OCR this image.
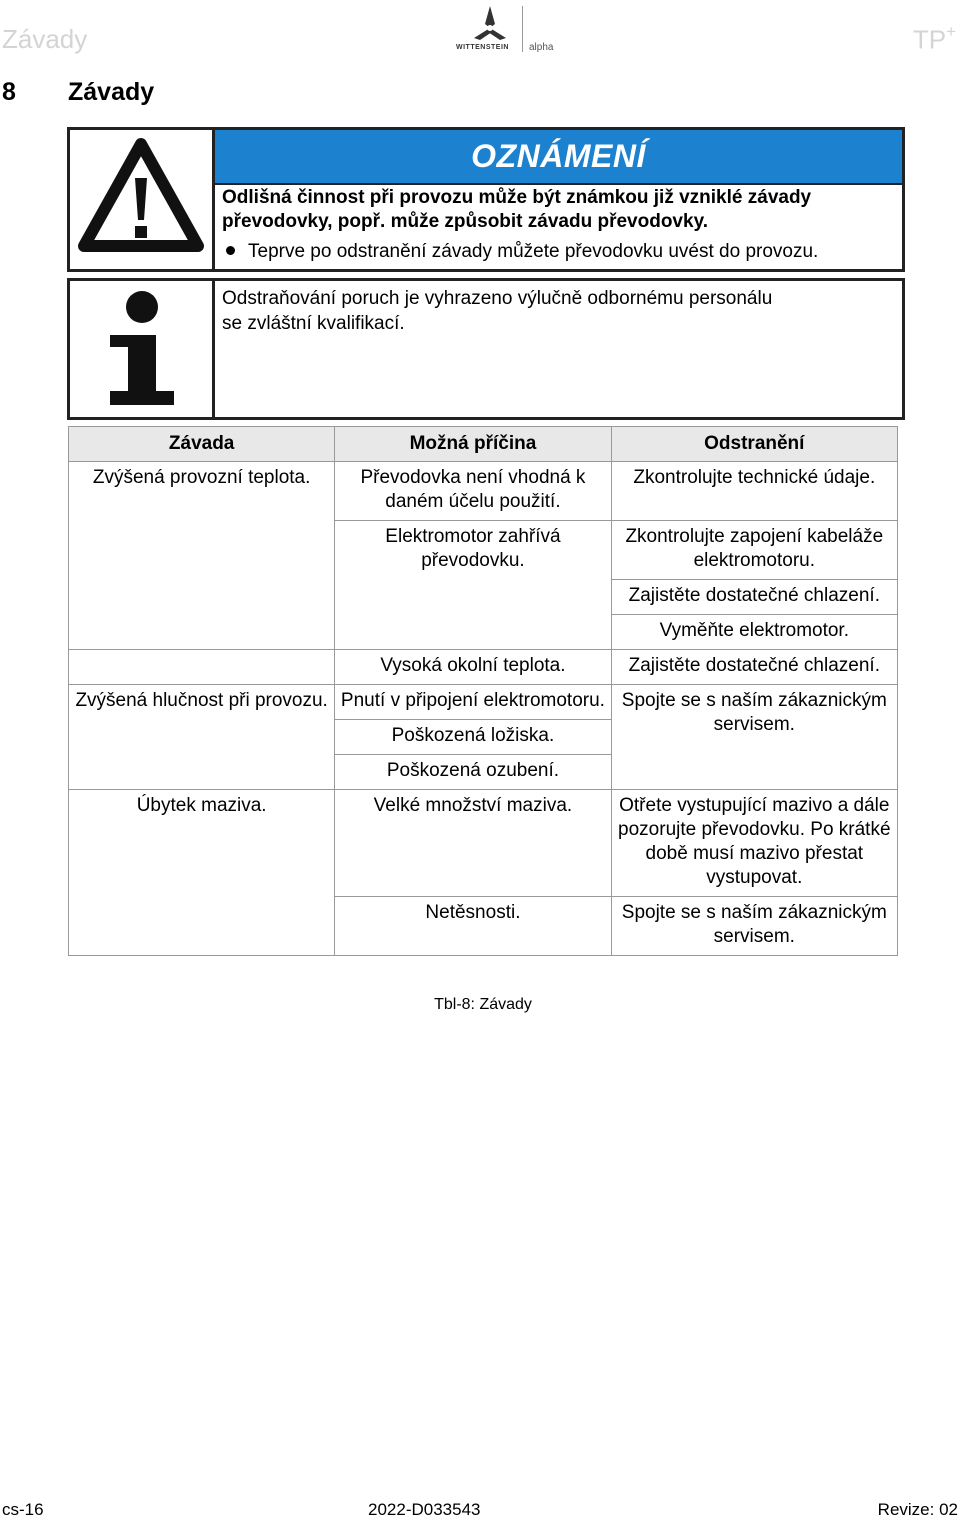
Závady	WITTENSTEIN alpha	TP+
8 Závady
OZNÁMENÍ
Odlišná činnost při provozu může být známkou již vzniklé závady
převodovky, popř. může způsobit závadu převodovky.
Teprve po odstranění závady můžete převodovku uvést do provozu.
Odstraňování poruch je vyhrazeno výlučně odbornému personálu
se zvláštní kvalifikací.
Závada	Možná příčina	Odstranění
Zvýšená provozní teplota.	Převodovka není vhodná k daném účelu použití.	Zkontrolujte technické údaje.
	Elektromotor zahřívá převodovku.	Zkontrolujte zapojení kabeláže elektromotoru.
		Zajistěte dostatečné chlazení.
		Vyměňte elektromotor.
	Vysoká okolní teplota.	Zajistěte dostatečné chlazení.
Zvýšená hlučnost při provozu.	Pnutí v připojení elektromotoru.	Spojte se s naším zákaznickým servisem.
	Poškozená ložiska.	
	Poškozená ozubení.	
Úbytek maziva.	Velké množství maziva.	Otřete vystupující mazivo a dále pozorujte převodovku. Po krátké době musí mazivo přestat vystupovat.
	Netěsnosti.	Spojte se s naším zákaznickým servisem.
Tbl-8: Závady
cs-16	2022-D033543	Revize: 02
